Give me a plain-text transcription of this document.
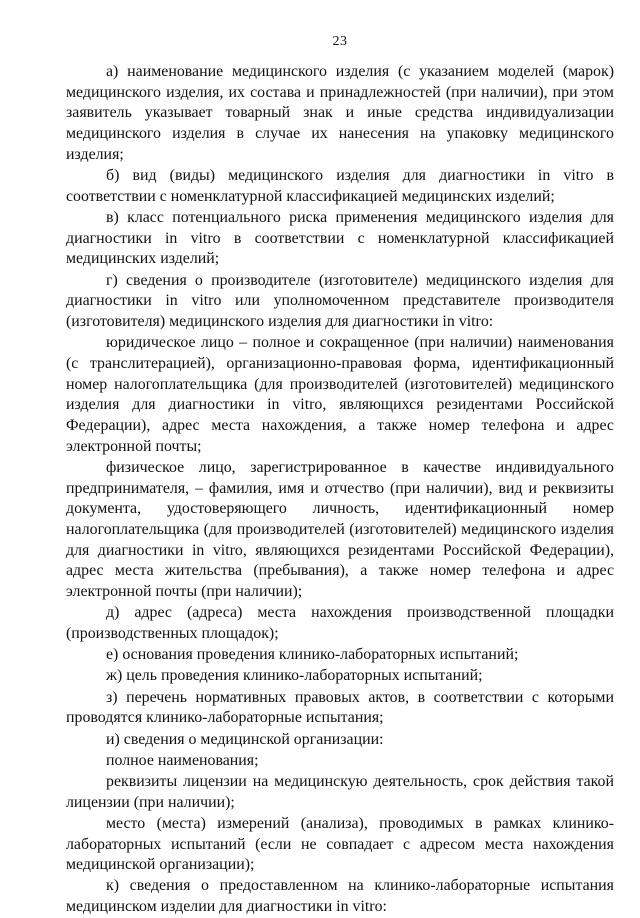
23

а) наименование медицинского изделия (с указанием моделей (марок) медицинского изделия, их состава и принадлежностей (при наличии), при этом заявитель указывает товарный знак и иные средства индивидуализации медицинского изделия в случае их нанесения на упаковку медицинского изделия;

б) вид (виды) медицинского изделия для диагностики in vitro в соответствии с номенклатурной классификацией медицинских изделий;

в) класс потенциального риска применения медицинского изделия для диагностики in vitro в соответствии с номенклатурной классификацией медицинских изделий;

г) сведения о производителе (изготовителе) медицинского изделия для диагностики in vitro или уполномоченном представителе производителя (изготовителя) медицинского изделия для диагностики in vitro:

юридическое лицо – полное и сокращенное (при наличии) наименования (с транслитерацией), организационно-правовая форма, идентификационный номер налогоплательщика (для производителей (изготовителей) медицинского изделия для диагностики in vitro, являющихся резидентами Российской Федерации), адрес места нахождения, а также номер телефона и адрес электронной почты;

физическое лицо, зарегистрированное в качестве индивидуального предпринимателя, – фамилия, имя и отчество (при наличии), вид и реквизиты документа, удостоверяющего личность, идентификационный номер налогоплательщика (для производителей (изготовителей) медицинского изделия для диагностики in vitro, являющихся резидентами Российской Федерации), адрес места жительства (пребывания), а также номер телефона и адрес электронной почты (при наличии);

д) адрес (адреса) места нахождения производственной площадки (производственных площадок);

е) основания проведения клинико-лабораторных испытаний;

ж) цель проведения клинико-лабораторных испытаний;

з) перечень нормативных правовых актов, в соответствии с которыми проводятся клинико-лабораторные испытания;

и) сведения о медицинской организации:

полное наименования;

реквизиты лицензии на медицинскую деятельность, срок действия такой лицензии (при наличии);

место (места) измерений (анализа), проводимых в рамках клинико-лабораторных испытаний (если не совпадает с адресом места нахождения медицинской организации);

к) сведения о предоставленном на клинико-лабораторные испытания медицинском изделии для диагностики in vitro:
